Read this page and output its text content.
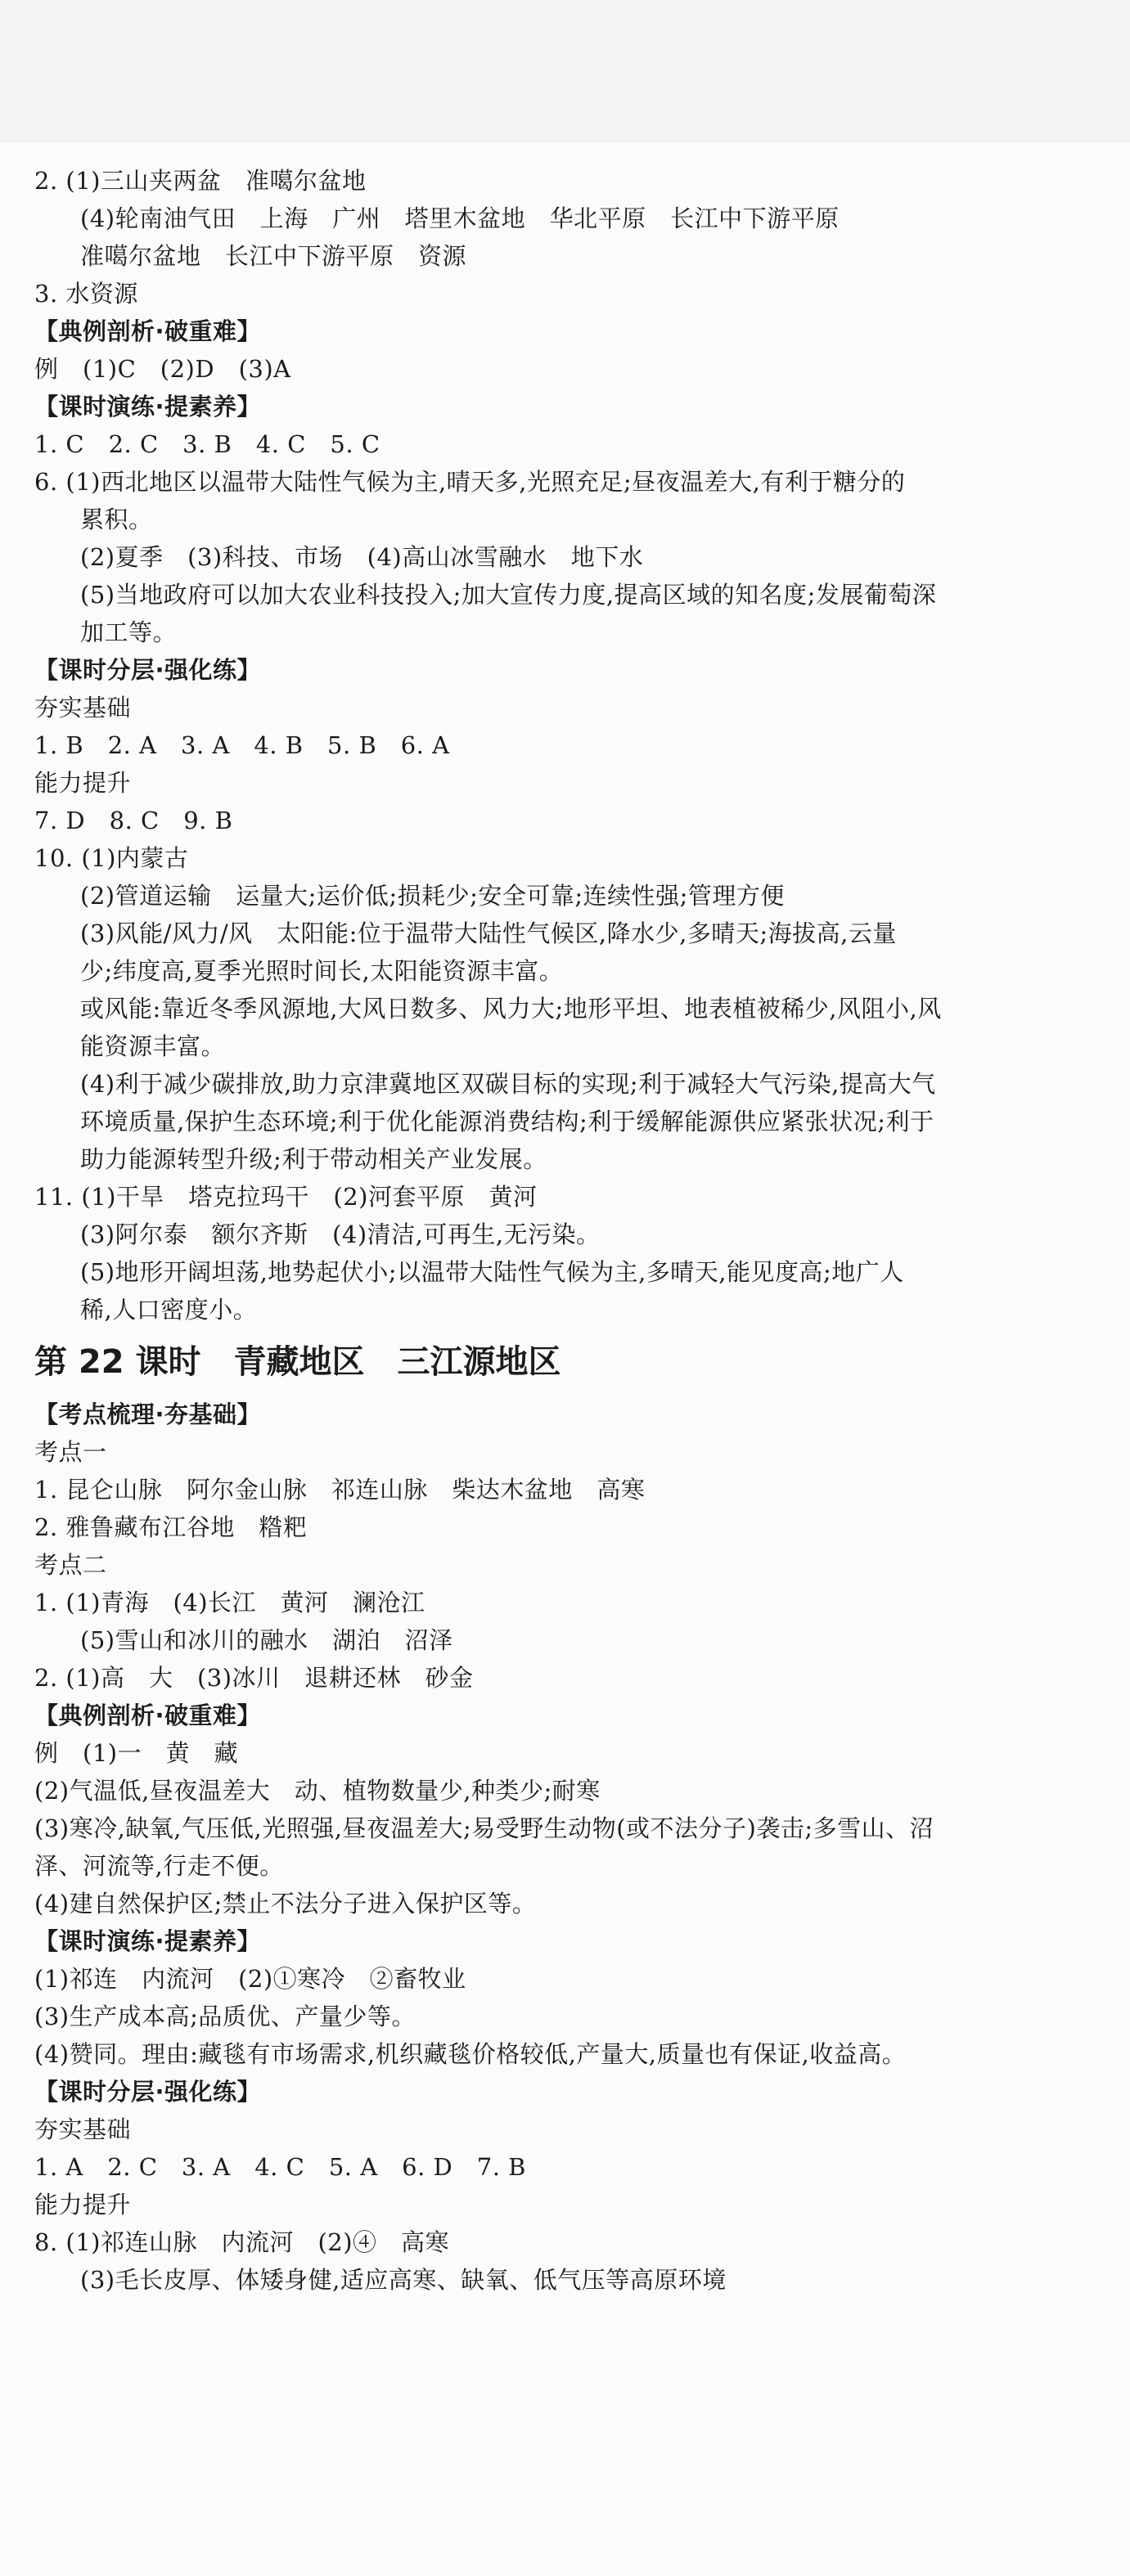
2. (1)三山夹两盆　准噶尔盆地
(4)轮南油气田　上海　广州　塔里木盆地　华北平原　长江中下游平原
准噶尔盆地　长江中下游平原　资源
3. 水资源
【典例剖析·破重难】
例　(1)C　(2)D　(3)A
【课时演练·提素养】
1. C　2. C　3. B　4. C　5. C
6. (1)西北地区以温带大陆性气候为主,晴天多,光照充足;昼夜温差大,有利于糖分的
累积。
(2)夏季　(3)科技、市场　(4)高山冰雪融水　地下水
(5)当地政府可以加大农业科技投入;加大宣传力度,提高区域的知名度;发展葡萄深
加工等。
【课时分层·强化练】
夯实基础
1. B　2. A　3. A　4. B　5. B　6. A
能力提升
7. D　8. C　9. B
10. (1)内蒙古
(2)管道运输　运量大;运价低;损耗少;安全可靠;连续性强;管理方便
(3)风能/风力/风　太阳能:位于温带大陆性气候区,降水少,多晴天;海拔高,云量
少;纬度高,夏季光照时间长,太阳能资源丰富。
或风能:靠近冬季风源地,大风日数多、风力大;地形平坦、地表植被稀少,风阻小,风
能资源丰富。
(4)利于减少碳排放,助力京津冀地区双碳目标的实现;利于减轻大气污染,提高大气
环境质量,保护生态环境;利于优化能源消费结构;利于缓解能源供应紧张状况;利于
助力能源转型升级;利于带动相关产业发展。
11. (1)干旱　塔克拉玛干　(2)河套平原　黄河
(3)阿尔泰　额尔齐斯　(4)清洁,可再生,无污染。
(5)地形开阔坦荡,地势起伏小;以温带大陆性气候为主,多晴天,能见度高;地广人
稀,人口密度小。
第 22 课时 青藏地区 三江源地区
【考点梳理·夯基础】
考点一
1. 昆仑山脉　阿尔金山脉　祁连山脉　柴达木盆地　高寒
2. 雅鲁藏布江谷地　糌粑
考点二
1. (1)青海　(4)长江　黄河　澜沧江
(5)雪山和冰川的融水　湖泊　沼泽
2. (1)高　大　(3)冰川　退耕还林　砂金
【典例剖析·破重难】
例　(1)一　黄　藏
(2)气温低,昼夜温差大　动、植物数量少,种类少;耐寒
(3)寒冷,缺氧,气压低,光照强,昼夜温差大;易受野生动物(或不法分子)袭击;多雪山、沼
泽、河流等,行走不便。
(4)建自然保护区;禁止不法分子进入保护区等。
【课时演练·提素养】
(1)祁连　内流河　(2)①寒冷　②畜牧业
(3)生产成本高;品质优、产量少等。
(4)赞同。理由:藏毯有市场需求,机织藏毯价格较低,产量大,质量也有保证,收益高。
【课时分层·强化练】
夯实基础
1. A　2. C　3. A　4. C　5. A　6. D　7. B
能力提升
8. (1)祁连山脉　内流河　(2)④　高寒
(3)毛长皮厚、体矮身健,适应高寒、缺氧、低气压等高原环境
